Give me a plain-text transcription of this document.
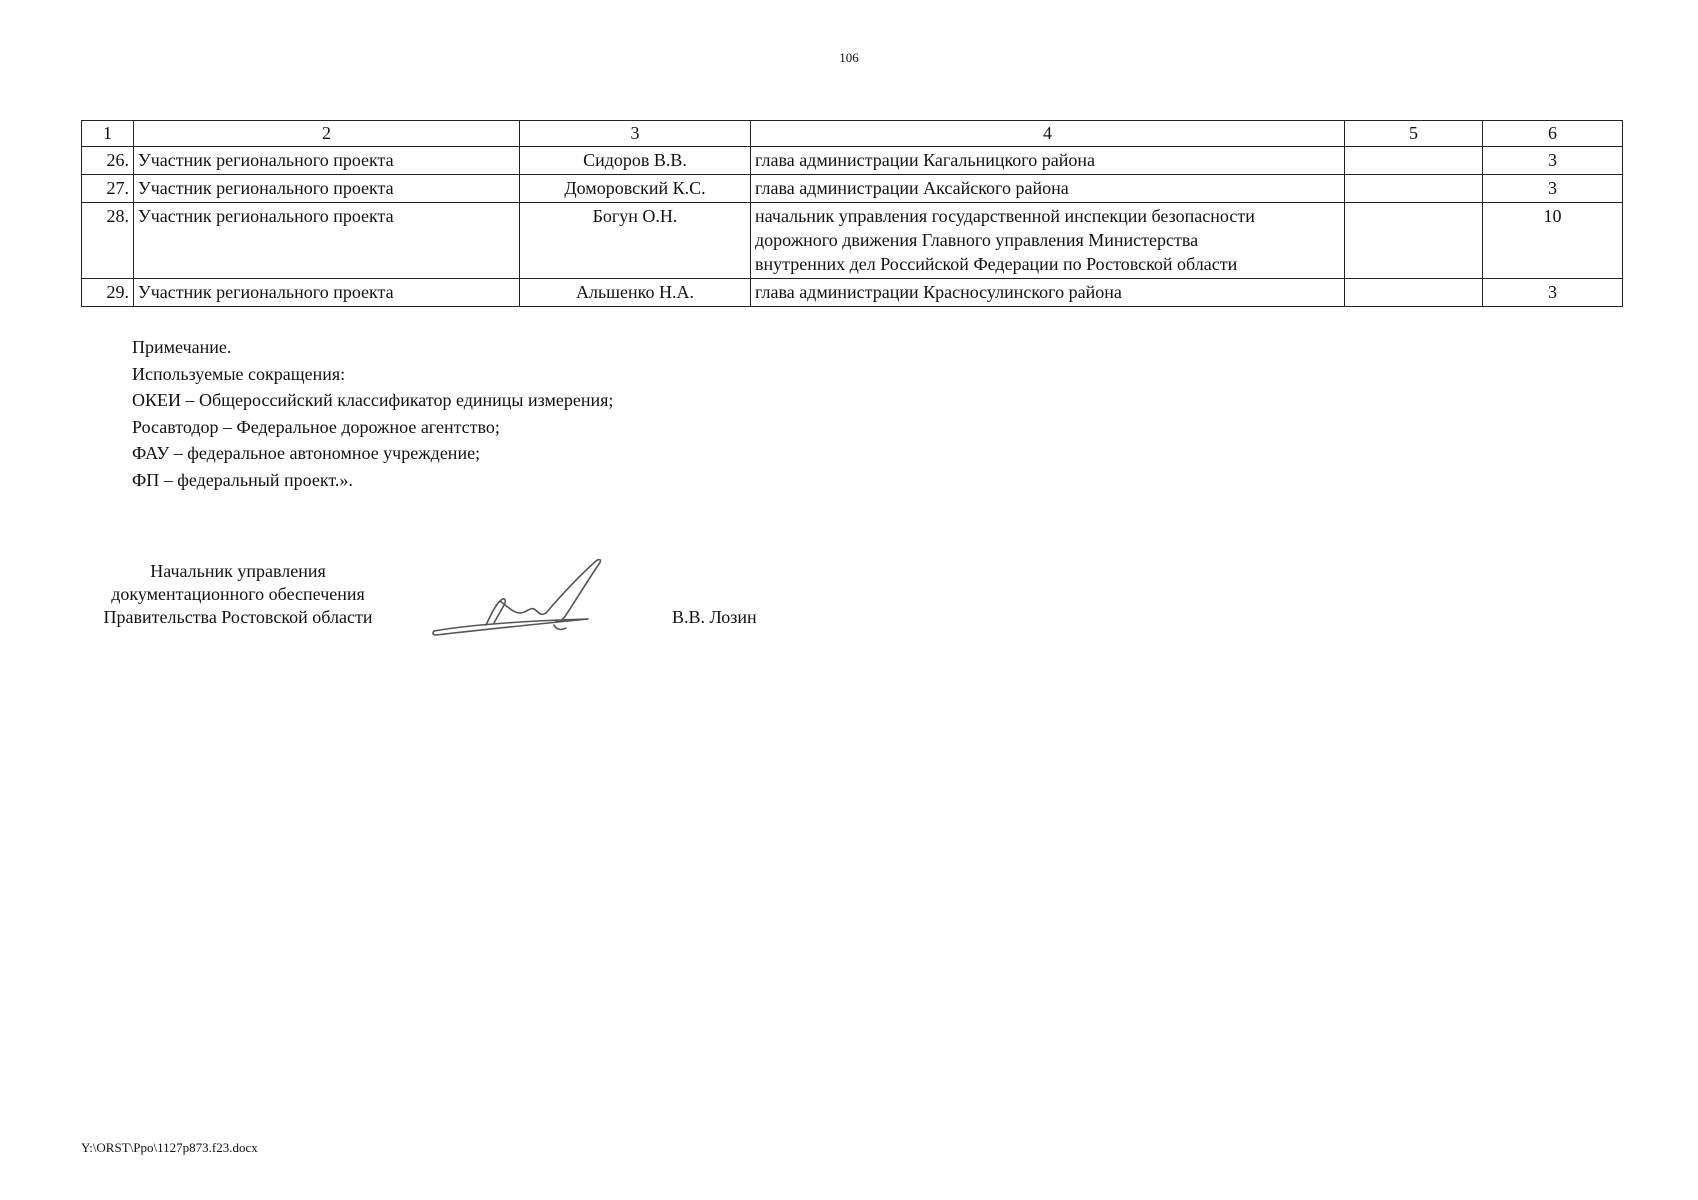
106
1	2	3	4	5	6
26.	Участник регионального проекта	Сидоров В.В.	глава администрации Кагальницкого района		3
27.	Участник регионального проекта	Доморовский К.С.	глава администрации Аксайского района		3
28.	Участник регионального проекта	Богун О.Н.	начальник управления государственной инспекции безопасности
дорожного движения Главного управления Министерства
внутренних дел Российской Федерации по Ростовской области		10
29.	Участник регионального проекта	Альшенко Н.А.	глава администрации Красносулинского района		3
Примечание.
Используемые сокращения:
ОКЕИ – Общероссийский классификатор единицы измерения;
Росавтодор – Федеральное дорожное агентство;
ФАУ – федеральное автономное учреждение;
ФП – федеральный проект.».
Начальник управления
документационного обеспечения
Правительства Ростовской области	В.В. Лозин
Y:\ORST\Ppo\1127p873.f23.docx
